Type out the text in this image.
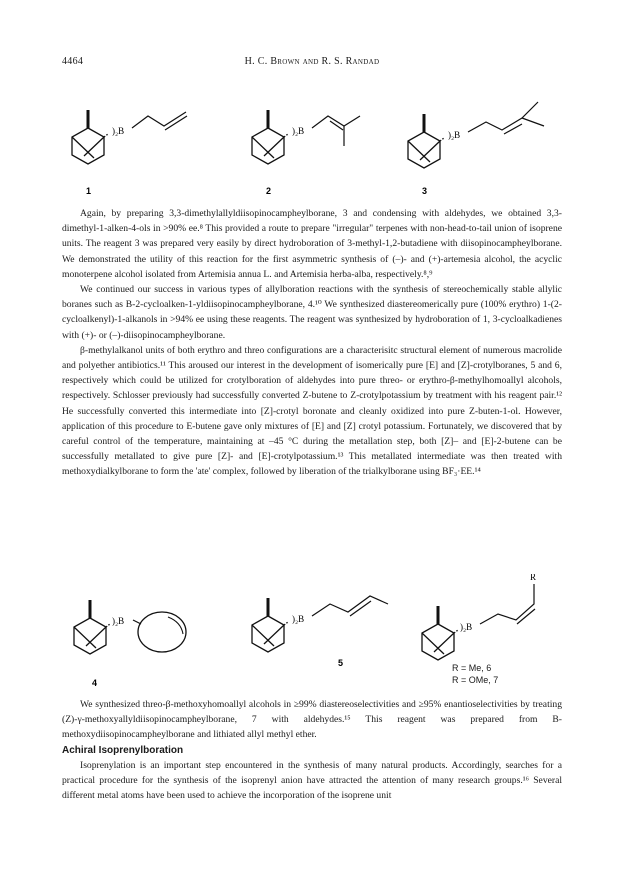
4464	H. C. Brown and R. S. Randad
)₂B
1
)₂B
2
)₂B
3

Again, by preparing 3,3-dimethylallyldiisopinocampheylborane, 3 and condensing with aldehydes, we obtained 3,3-dimethyl-1-alken-4-ols in >90% ee.⁸ This provided a route to prepare "irregular" terpenes with non-head-to-tail union of isoprene units. The reagent 3 was prepared very easily by direct hydroboration of 3-methyl-1,2-butadiene with diisopinocampheylborane. We demonstrated the utility of this reaction for the first asymmetric synthesis of (–)- and (+)-artemesia alcohol, the acyclic monoterpene alcohol isolated from Artemisia annua L. and Artemisia herba-alba, respectively.⁸,⁹

We continued our success in various types of allylboration reactions with the synthesis of stereochemically stable allylic boranes such as B-2-cycloalken-1-yldiisopinocampheylborane, 4.¹⁰ We synthesized diastereomerically pure (100% erythro) 1-(2-cycloalkenyl)-1-alkanols in >94% ee using these reagents. The reagent was synthesized by hydroboration of 1, 3-cycloalkadienes with (+)- or (–)-diisopinocampheylborane.

β-methylalkanol units of both erythro and threo configurations are a characterisitc structural element of numerous macrolide and polyether antibiotics.¹¹ This aroused our interest in the development of isomerically pure [E] and [Z]-crotylboranes, 5 and 6, respectively which could be utilized for crotylboration of aldehydes into pure threo- or erythro-β-methylhomoallyl alcohols, respectively. Schlosser previously had successfully converted Z-butene to Z-crotylpotassium by treatment with his reagent pair.¹² He successfully converted this intermediate into [Z]-crotyl boronate and cleanly oxidized into pure Z-buten-1-ol. However, application of this procedure to E-butene gave only mixtures of [E] and [Z] crotyl potassium. Fortunately, we discovered that by careful control of the temperature, maintaining at –45 °C during the metallation step, both [Z]– and [E]-2-butene can be successfully metallated to give pure [Z]- and [E]-crotylpotassium.¹³ This metallated intermediate was then treated with methoxydialkylborane to form the 'ate' complex, followed by liberation of the trialkylborane using BF₃·EE.¹⁴

)₂B
4
)₂B
5
)₂B
R
R = Me, 6
R = OMe, 7

We synthesized threo-β-methoxyhomoallyl alcohols in ≥99% diastereoselectivities and ≥95% enantioselectivities by treating (Z)-γ-methoxyallyldiisopinocampheylborane, 7 with aldehydes.¹⁵ This reagent was prepared from B-methoxydiisopinocampheylborane and lithiated allyl methyl ether.

Achiral Isoprenylboration

Isoprenylation is an important step encountered in the synthesis of many natural products. Accordingly, searches for a practical procedure for the synthesis of the isoprenyl anion have attracted the attention of many research groups.¹⁶ Several different metal atoms have been used to achieve the incorporation of the isoprene unit
